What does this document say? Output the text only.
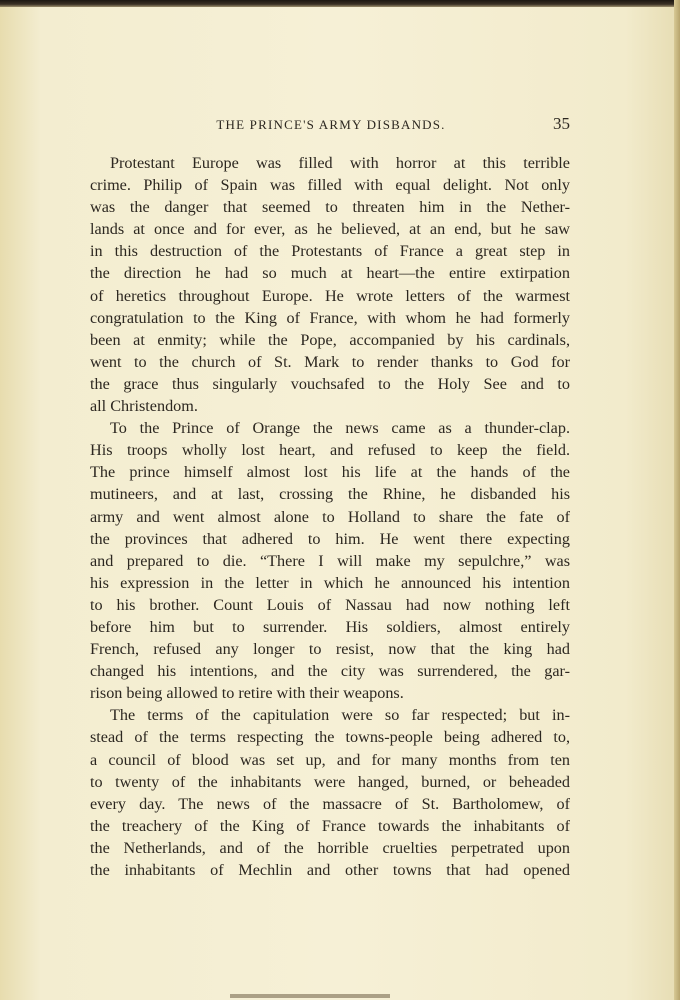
THE PRINCE'S ARMY DISBANDS.	35
Protestant Europe was filled with horror at this terrible
crime. Philip of Spain was filled with equal delight. Not only
was the danger that seemed to threaten him in the Nether-
lands at once and for ever, as he believed, at an end, but he saw
in this destruction of the Protestants of France a great step in
the direction he had so much at heart—the entire extirpation
of heretics throughout Europe. He wrote letters of the warmest
congratulation to the King of France, with whom he had formerly
been at enmity; while the Pope, accompanied by his cardinals,
went to the church of St. Mark to render thanks to God for
the grace thus singularly vouchsafed to the Holy See and to
all Christendom.
To the Prince of Orange the news came as a thunder-clap.
His troops wholly lost heart, and refused to keep the field.
The prince himself almost lost his life at the hands of the
mutineers, and at last, crossing the Rhine, he disbanded his
army and went almost alone to Holland to share the fate of
the provinces that adhered to him. He went there expecting
and prepared to die. “There I will make my sepulchre,” was
his expression in the letter in which he announced his intention
to his brother. Count Louis of Nassau had now nothing left
before him but to surrender. His soldiers, almost entirely
French, refused any longer to resist, now that the king had
changed his intentions, and the city was surrendered, the gar-
rison being allowed to retire with their weapons.
The terms of the capitulation were so far respected; but in-
stead of the terms respecting the towns-people being adhered to,
a council of blood was set up, and for many months from ten
to twenty of the inhabitants were hanged, burned, or beheaded
every day. The news of the massacre of St. Bartholomew, of
the treachery of the King of France towards the inhabitants of
the Netherlands, and of the horrible cruelties perpetrated upon
the inhabitants of Mechlin and other towns that had opened
